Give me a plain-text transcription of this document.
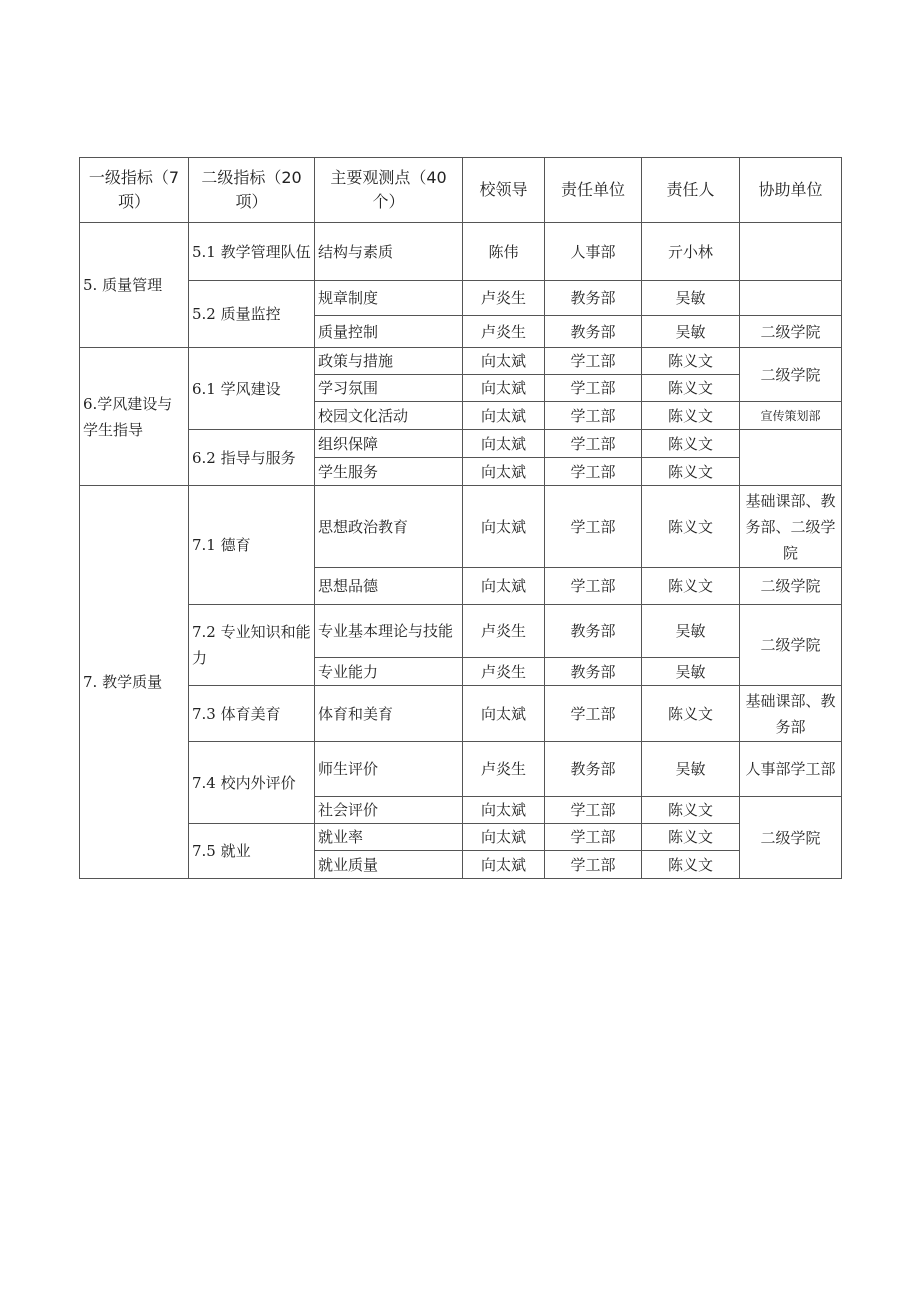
一级指标（7 项）	二级指标（20 项）	主要观测点（40 个）	校领导	责任单位	责任人	协助单位
5. 质量管理	5.1 教学管理队伍	结构与素质	陈伟	人事部	亓小林	
	5.2 质量监控	规章制度	卢炎生	教务部	吴敏	
		质量控制	卢炎生	教务部	吴敏	二级学院
6.学风建设与学生指导	6.1 学风建设	政策与措施	向太斌	学工部	陈义文	二级学院
		学习氛围	向太斌	学工部	陈义文	
		校园文化活动	向太斌	学工部	陈义文	宣传策划部
	6.2 指导与服务	组织保障	向太斌	学工部	陈义文	
		学生服务	向太斌	学工部	陈义文	
7. 教学质量	7.1 德育	思想政治教育	向太斌	学工部	陈义文	基础课部、教务部、二级学院
		思想品德	向太斌	学工部	陈义文	二级学院
	7.2 专业知识和能力	专业基本理论与技能	卢炎生	教务部	吴敏	二级学院
		专业能力	卢炎生	教务部	吴敏	
	7.3 体育美育	体育和美育	向太斌	学工部	陈义文	基础课部、教务部
	7.4 校内外评价	师生评价	卢炎生	教务部	吴敏	人事部学工部
		社会评价	向太斌	学工部	陈义文	二级学院
	7.5 就业	就业率	向太斌	学工部	陈义文	
		就业质量	向太斌	学工部	陈义文	
